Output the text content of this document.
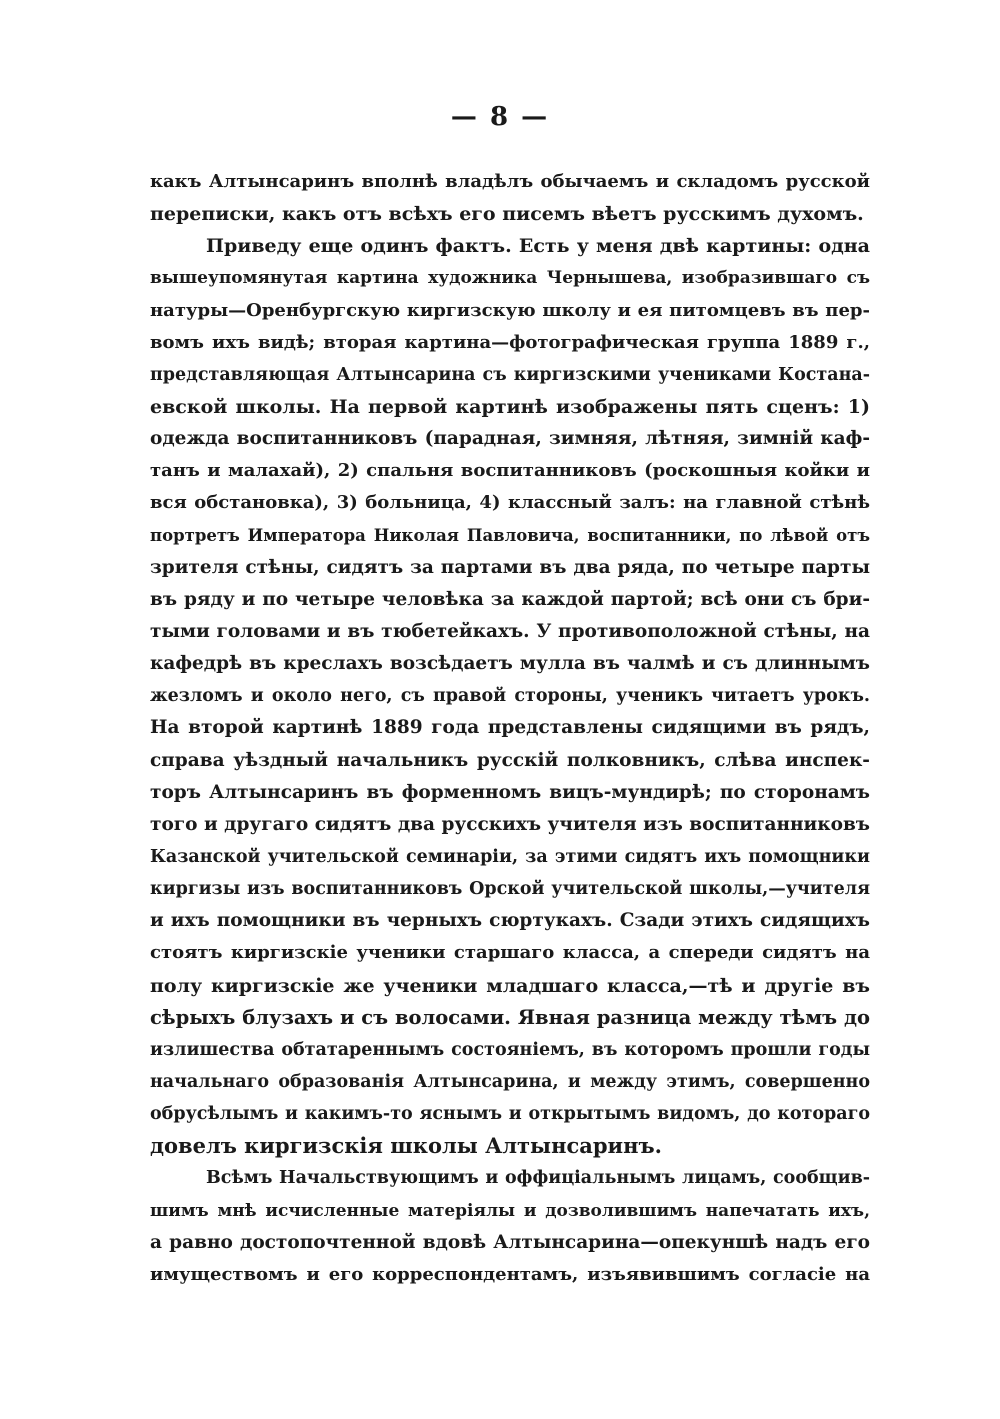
— 8 —
какъ Алтынсаринъ вполнѣ владѣлъ обычаемъ и складомъ русской
переписки, какъ отъ всѣхъ его писемъ вѣетъ русскимъ духомъ.
Приведу еще одинъ фактъ. Есть у меня двѣ картины: одна
вышеупомянутая картина художника Чернышева, изобразившаго съ
натуры—Оренбургскую киргизскую школу и ея питомцевъ въ пер-
вомъ ихъ видѣ; вторая картина—фотографическая группа 1889 г.,
представляющая Алтынсарина съ киргизскими учениками Костана-
евской школы. На первой картинѣ изображены пять сценъ: 1)
одежда воспитанниковъ (парадная, зимняя, лѣтняя, зимній каф-
танъ и малахай), 2) спальня воспитанниковъ (роскошныя койки и
вся обстановка), 3) больница, 4) классный залъ: на главной стѣнѣ
портретъ Императора Николая Павловича, воспитанники, по лѣвой отъ
зрителя стѣны, сидятъ за партами въ два ряда, по четыре парты
въ ряду и по четыре человѣка за каждой партой; всѣ они съ бри-
тыми головами и въ тюбетейкахъ. У противоположной стѣны, на
кафедрѣ въ креслахъ возсѣдаетъ мулла въ чалмѣ и съ длиннымъ
жезломъ и около него, съ правой стороны, ученикъ читаетъ урокъ.
На второй картинѣ 1889 года представлены сидящими въ рядъ,
справа уѣздный начальникъ русскій полковникъ, слѣва инспек-
торъ Алтынсаринъ въ форменномъ вицъ-мундирѣ; по сторонамъ
того и другаго сидятъ два русскихъ учителя изъ воспитанниковъ
Казанской учительской семинаріи, за этими сидятъ ихъ помощники
киргизы изъ воспитанниковъ Орской учительской школы,—учителя
и ихъ помощники въ черныхъ сюртукахъ. Сзади этихъ сидящихъ
стоятъ киргизскіе ученики старшаго класса, а спереди сидятъ на
полу киргизскіе же ученики младшаго класса,—тѣ и другіе въ
сѣрыхъ блузахъ и съ волосами. Явная разница между тѣмъ до
излишества обтатареннымъ состояніемъ, въ которомъ прошли годы
начальнаго образованія Алтынсарина, и между этимъ, совершенно
обрусѣлымъ и какимъ-то яснымъ и открытымъ видомъ, до котораго
довелъ киргизскія школы Алтынсаринъ.
Всѣмъ Начальствующимъ и оффиціальнымъ лицамъ, сообщив-
шимъ мнѣ исчисленные матеріялы и дозволившимъ напечатать ихъ,
а равно достопочтенной вдовѣ Алтынсарина—опекуншѣ надъ его
имуществомъ и его корреспондентамъ, изъявившимъ согласіе на
